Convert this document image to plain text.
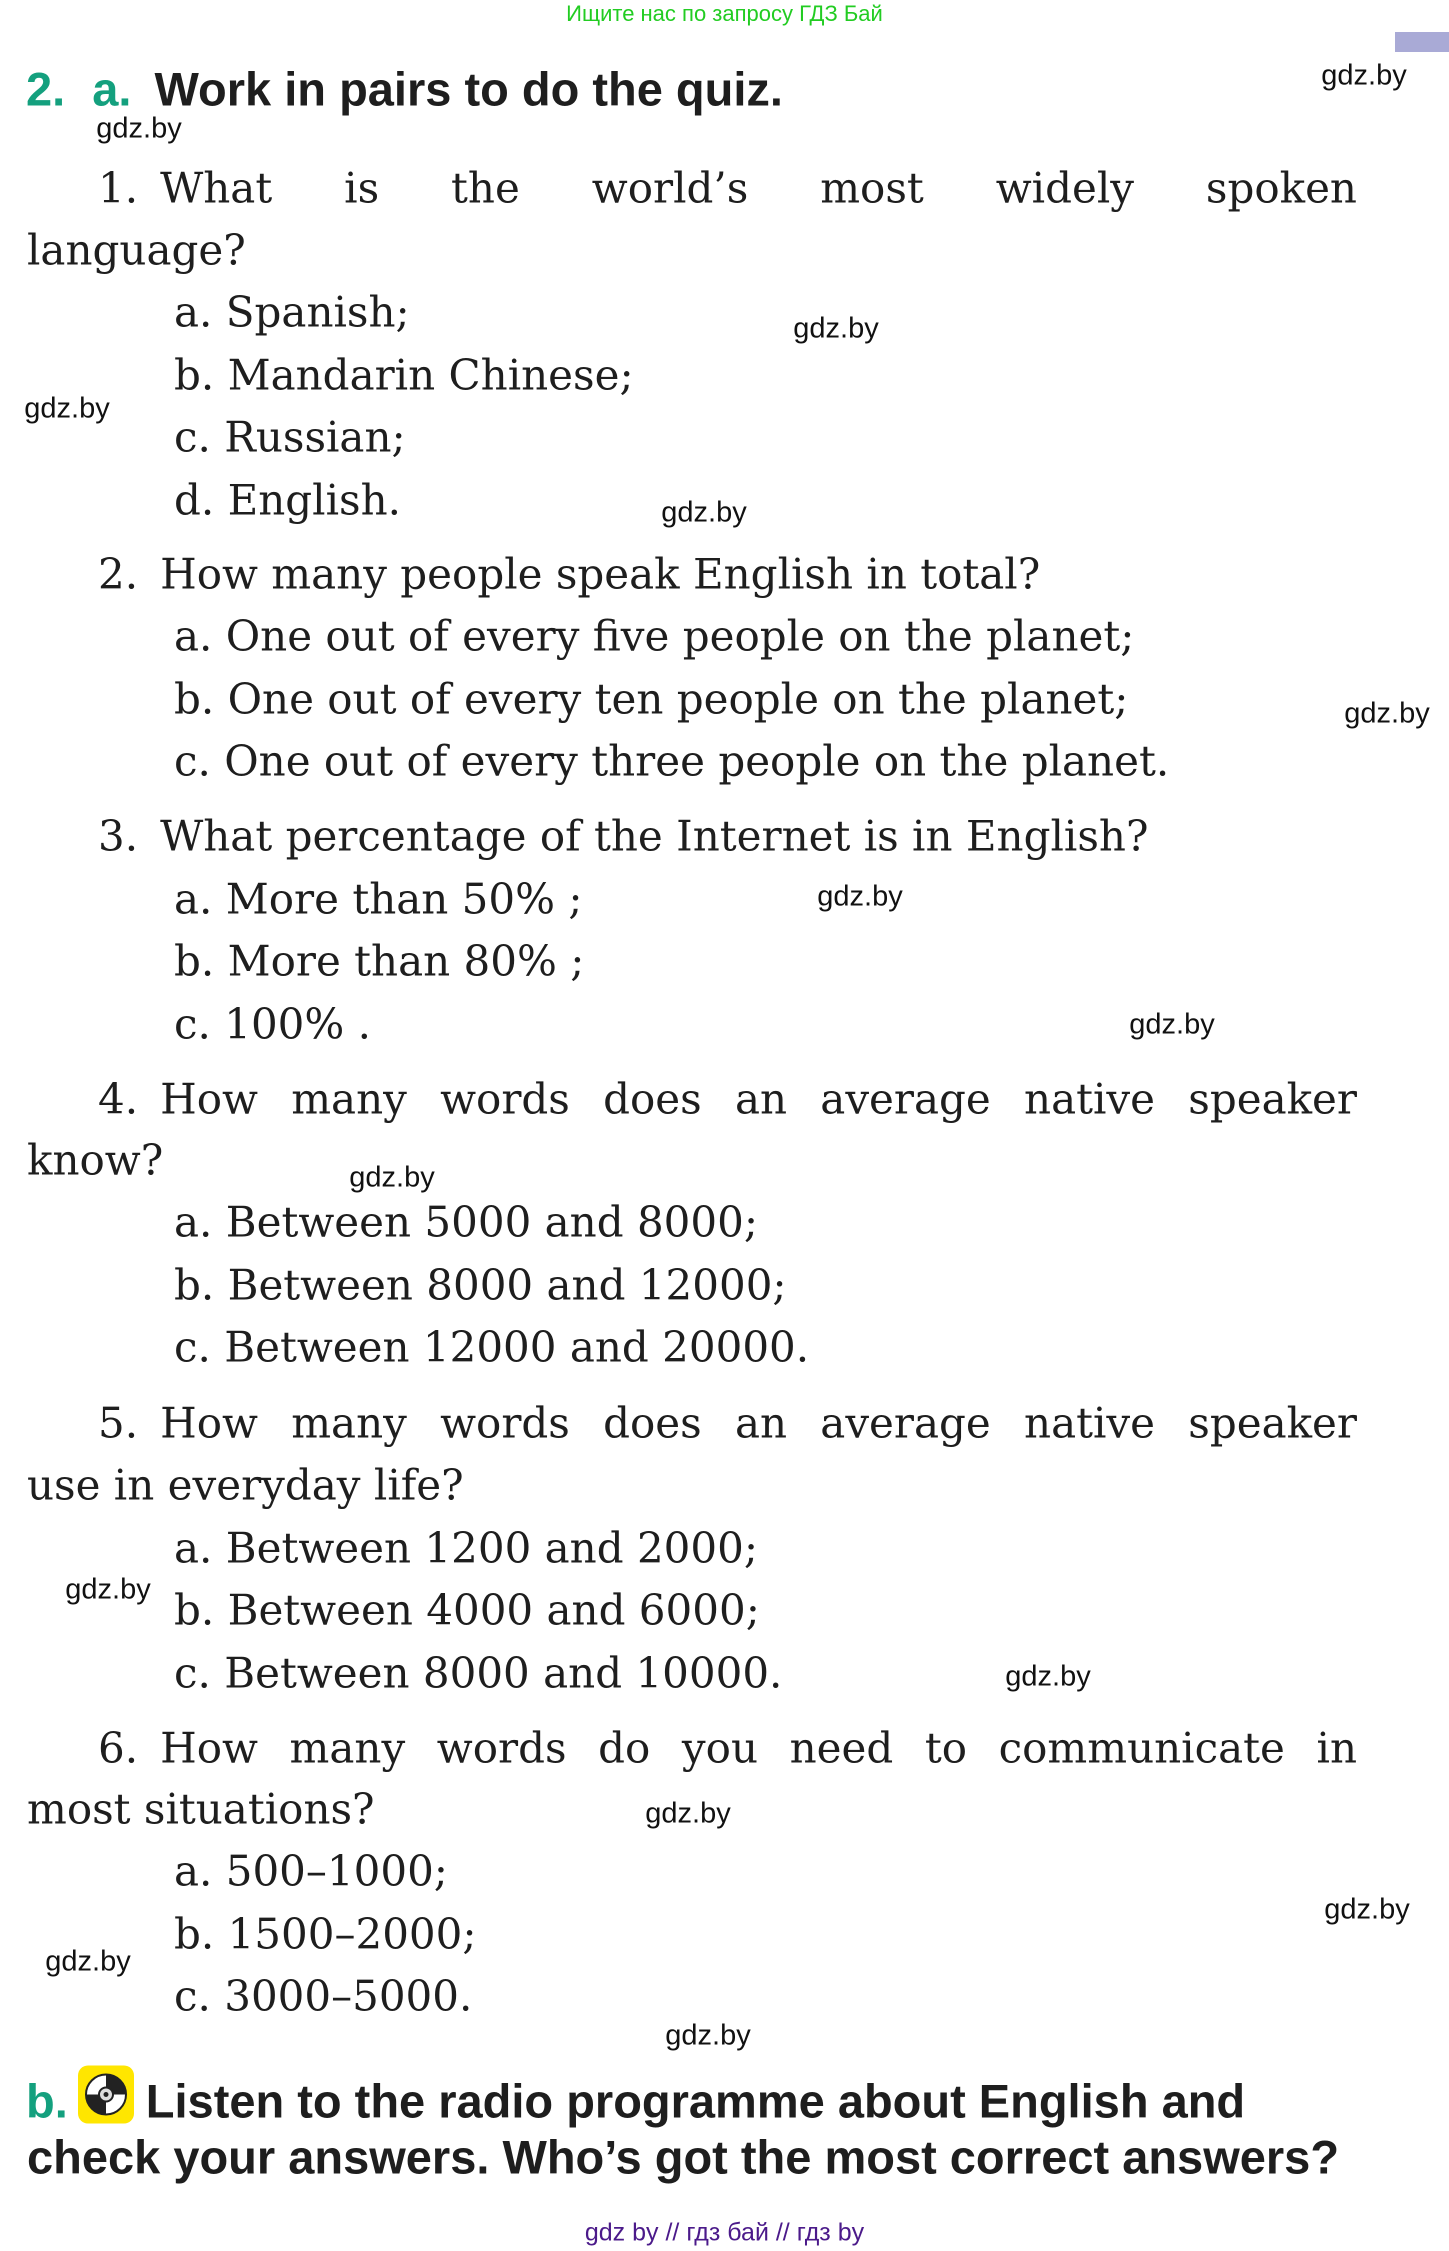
Ищите нас по запросу ГДЗ Бай
2. a. Work in pairs to do the quiz.
1. What is the world’s most widely spoken
language?
a. Spanish;
b. Mandarin Chinese;
c. Russian;
d. English.
2. How many people speak English in total?
a. One out of every five people on the planet;
b. One out of every ten people on the planet;
c. One out of every three people on the planet.
3. What percentage of the Internet is in English?
a. More than 50% ;
b. More than 80% ;
c. 100% .
4. How many words does an average native speaker
know?
a. Between 5000 and 8000;
b. Between 8000 and 12000;
c. Between 12000 and 20000.
5. How many words does an average native speaker
use in everyday life?
a. Between 1200 and 2000;
b. Between 4000 and 6000;
c. Between 8000 and 10000.
6. How many words do you need to communicate in
most situations?
a. 500–1000;
b. 1500–2000;
c. 3000–5000.
b. Listen to the radio programme about English and
check your answers. Who’s got the most correct answers?
gdz.by
gdz.by
gdz.by
gdz.by
gdz.by
gdz.by
gdz.by
gdz.by
gdz.by
gdz.by
gdz.by
gdz.by
gdz.by
gdz.by
gdz.by
gdz by // гдз бай // гдз by
